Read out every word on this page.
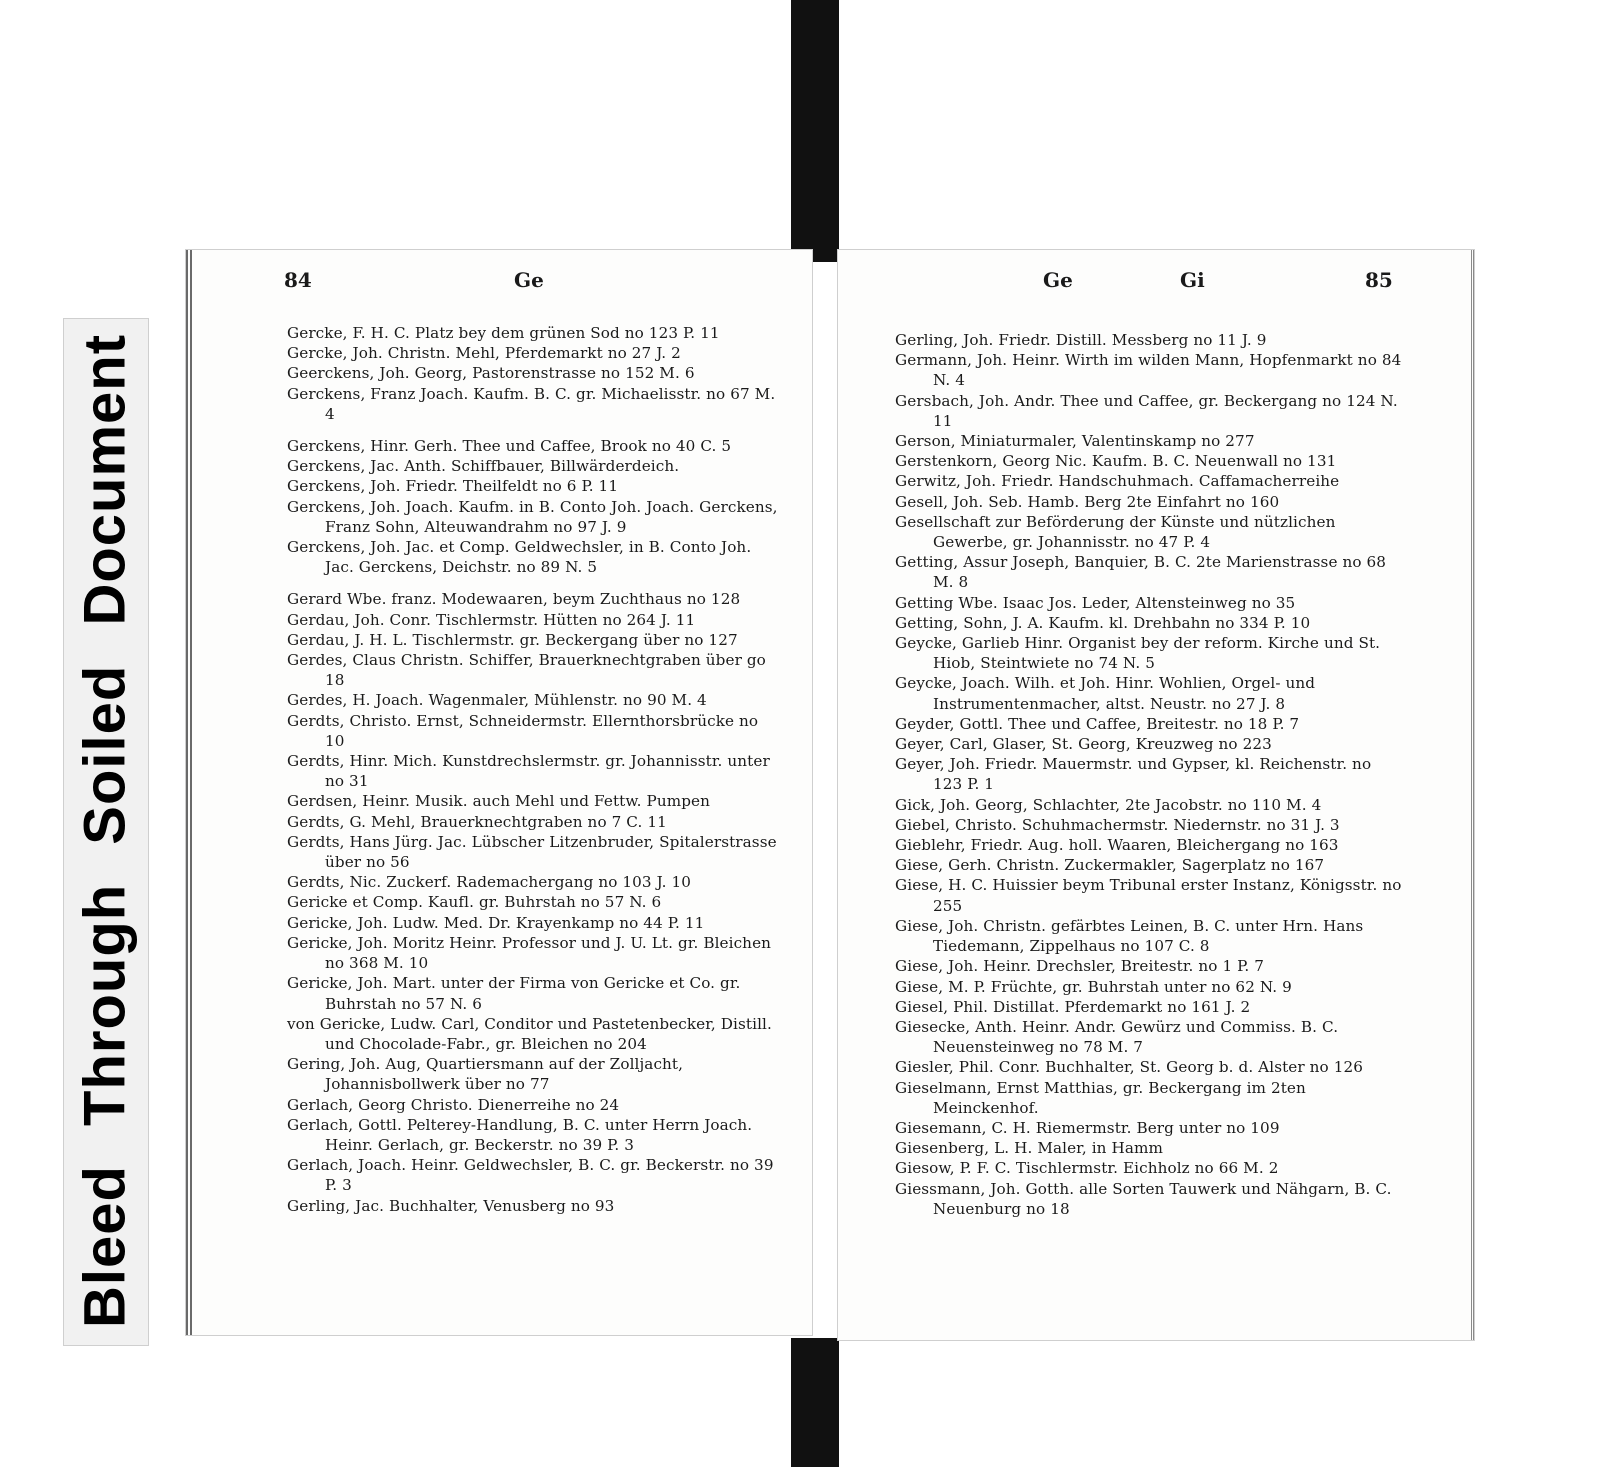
Bleed Through Soiled Document
84	Ge

Gercke, F. H. C. Platz bey dem grünen Sod no 123 P. 11

Gercke, Joh. Christn. Mehl, Pferdemarkt no 27 J. 2

Geerckens, Joh. Georg, Pastorenstrasse no 152 M. 6

Gerckens, Franz Joach. Kaufm. B. C. gr. Michaelisstr. no 67 M. 4

Gerckens, Hinr. Gerh. Thee und Caffee, Brook no 40 C. 5

Gerckens, Jac. Anth. Schiffbauer, Billwärderdeich.

Gerckens, Joh. Friedr. Theilfeldt no 6 P. 11

Gerckens, Joh. Joach. Kaufm. in B. Conto Joh. Joach. Gerckens, Franz Sohn, Alteuwandrahm no 97 J. 9

Gerckens, Joh. Jac. et Comp. Geldwechsler, in B. Conto Joh. Jac. Gerckens, Deichstr. no 89 N. 5

Gerard Wbe. franz. Modewaaren, beym Zuchthaus no 128

Gerdau, Joh. Conr. Tischlermstr. Hütten no 264 J. 11

Gerdau, J. H. L. Tischlermstr. gr. Beckergang über no 127

Gerdes, Claus Christn. Schiffer, Brauerknechtgraben über go 18

Gerdes, H. Joach. Wagenmaler, Mühlenstr. no 90 M. 4

Gerdts, Christo. Ernst, Schneidermstr. Ellernthorsbrücke no 10

Gerdts, Hinr. Mich. Kunstdrechslermstr. gr. Johannisstr. unter no 31

Gerdsen, Heinr. Musik. auch Mehl und Fettw. Pumpen

Gerdts, G. Mehl, Brauerknechtgraben no 7 C. 11

Gerdts, Hans Jürg. Jac. Lübscher Litzenbruder, Spitalerstrasse über no 56

Gerdts, Nic. Zuckerf. Rademachergang no 103 J. 10

Gericke et Comp. Kaufl. gr. Buhrstah no 57 N. 6

Gericke, Joh. Ludw. Med. Dr. Krayenkamp no 44 P. 11

Gericke, Joh. Moritz Heinr. Professor und J. U. Lt. gr. Bleichen no 368 M. 10

Gericke, Joh. Mart. unter der Firma von Gericke et Co. gr. Buhrstah no 57 N. 6

von Gericke, Ludw. Carl, Conditor und Pastetenbecker, Distill. und Chocolade-Fabr., gr. Bleichen no 204

Gering, Joh. Aug, Quartiersmann auf der Zolljacht, Johannisbollwerk über no 77

Gerlach, Georg Christo. Dienerreihe no 24

Gerlach, Gottl. Pelterey-Handlung, B. C. unter Herrn Joach. Heinr. Gerlach, gr. Beckerstr. no 39 P. 3

Gerlach, Joach. Heinr. Geldwechsler, B. C. gr. Beckerstr. no 39 P. 3

Gerling, Jac. Buchhalter, Venusberg no 93

Ge	Gi	85

Gerling, Joh. Friedr. Distill. Messberg no 11 J. 9

Germann, Joh. Heinr. Wirth im wilden Mann, Hopfenmarkt no 84 N. 4

Gersbach, Joh. Andr. Thee und Caffee, gr. Beckergang no 124 N. 11

Gerson, Miniaturmaler, Valentinskamp no 277

Gerstenkorn, Georg Nic. Kaufm. B. C. Neuenwall no 131

Gerwitz, Joh. Friedr. Handschuhmach. Caffamacherreihe

Gesell, Joh. Seb. Hamb. Berg 2te Einfahrt no 160

Gesellschaft zur Beförderung der Künste und nützlichen Gewerbe, gr. Johannisstr. no 47 P. 4

Getting, Assur Joseph, Banquier, B. C. 2te Marienstrasse no 68 M. 8

Getting Wbe. Isaac Jos. Leder, Altensteinweg no 35

Getting, Sohn, J. A. Kaufm. kl. Drehbahn no 334 P. 10

Geycke, Garlieb Hinr. Organist bey der reform. Kirche und St. Hiob, Steintwiete no 74 N. 5

Geycke, Joach. Wilh. et Joh. Hinr. Wohlien, Orgel- und Instrumentenmacher, altst. Neustr. no 27 J. 8

Geyder, Gottl. Thee und Caffee, Breitestr. no 18 P. 7

Geyer, Carl, Glaser, St. Georg, Kreuzweg no 223

Geyer, Joh. Friedr. Mauermstr. und Gypser, kl. Reichenstr. no 123 P. 1

Gick, Joh. Georg, Schlachter, 2te Jacobstr. no 110 M. 4

Giebel, Christo. Schuhmachermstr. Niedernstr. no 31 J. 3

Gieblehr, Friedr. Aug. holl. Waaren, Bleichergang no 163

Giese, Gerh. Christn. Zuckermakler, Sagerplatz no 167

Giese, H. C. Huissier beym Tribunal erster Instanz, Königsstr. no 255

Giese, Joh. Christn. gefärbtes Leinen, B. C. unter Hrn. Hans Tiedemann, Zippelhaus no 107 C. 8

Giese, Joh. Heinr. Drechsler, Breitestr. no 1 P. 7

Giese, M. P. Früchte, gr. Buhrstah unter no 62 N. 9

Giesel, Phil. Distillat. Pferdemarkt no 161 J. 2

Giesecke, Anth. Heinr. Andr. Gewürz und Commiss. B. C. Neuensteinweg no 78 M. 7

Giesler, Phil. Conr. Buchhalter, St. Georg b. d. Alster no 126

Gieselmann, Ernst Matthias, gr. Beckergang im 2ten Meinckenhof.

Giesemann, C. H. Riemermstr. Berg unter no 109

Giesenberg, L. H. Maler, in Hamm

Giesow, P. F. C. Tischlermstr. Eichholz no 66 M. 2

Giessmann, Joh. Gotth. alle Sorten Tauwerk und Nähgarn, B. C. Neuenburg no 18
